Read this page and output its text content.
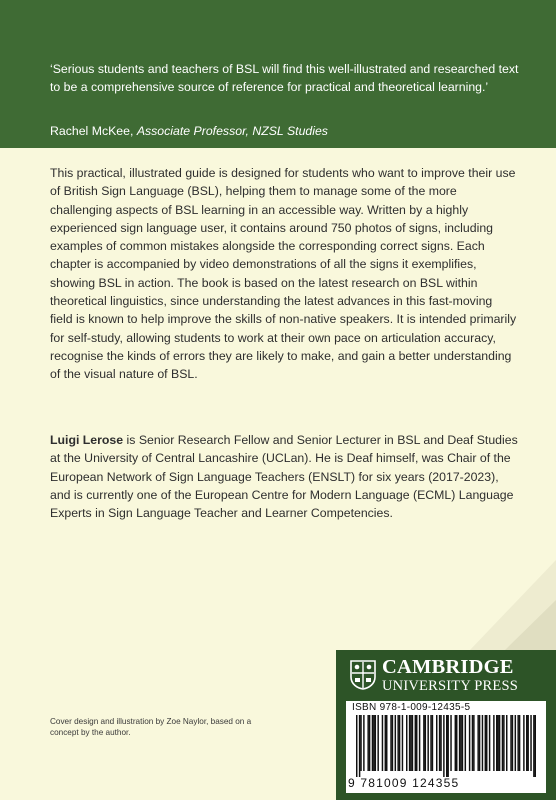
‘Serious students and teachers of BSL will find this well-illustrated and researched text to be a comprehensive source of reference for practical and theoretical learning.’
Rachel McKee, Associate Professor, NZSL Studies

This practical, illustrated guide is designed for students who want to improve their use of British Sign Language (BSL), helping them to manage some of the more challenging aspects of BSL learning in an accessible way. Written by a highly experienced sign language user, it contains around 750 photos of signs, including examples of common mistakes alongside the corresponding correct signs. Each chapter is accompanied by video demonstrations of all the signs it exemplifies, showing BSL in action. The book is based on the latest research on BSL within theoretical linguistics, since understanding the latest advances in this fast-moving field is known to help improve the skills of non-native speakers. It is intended primarily for self-study, allowing students to work at their own pace on articulation accuracy, recognise the kinds of errors they are likely to make, and gain a better understanding of the visual nature of BSL.

Luigi Lerose is Senior Research Fellow and Senior Lecturer in BSL and Deaf Studies at the University of Central Lancashire (UCLan). He is Deaf himself, was Chair of the European Network of Sign Language Teachers (ENSLT) for six years (2017-2023), and is currently one of the European Centre for Modern Language (ECML) Language Experts in Sign Language Teacher and Learner Competencies.

Cover design and illustration by Zoe Naylor, based on a concept by the author.
CAMBRIDGE
UNIVERSITY PRESS
ISBN 978-1-009-12435-5
9 781009 124355
